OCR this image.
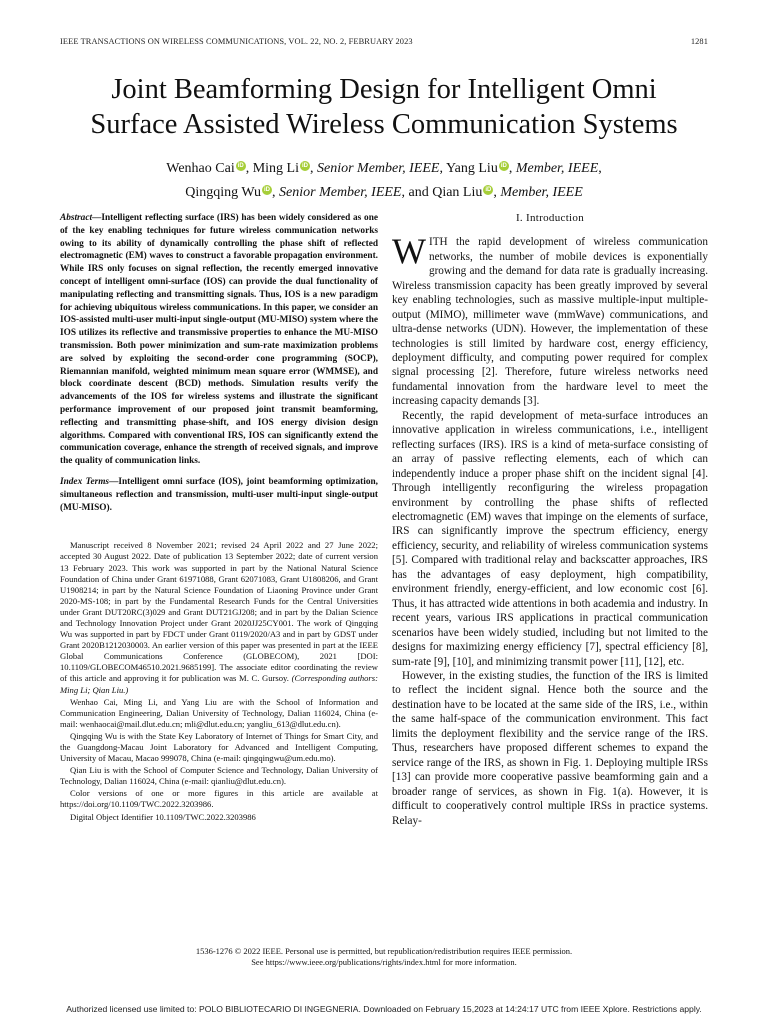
IEEE TRANSACTIONS ON WIRELESS COMMUNICATIONS, VOL. 22, NO. 2, FEBRUARY 2023	1281
Joint Beamforming Design for Intelligent Omni
Surface Assisted Wireless Communication Systems
Wenhao Cai iD , Ming Li iD , Senior Member, IEEE, Yang Liu iD , Member, IEEE,
Qingqing Wu iD , Senior Member, IEEE, and Qian Liu iD , Member, IEEE
Abstract—Intelligent reflecting surface (IRS) has been widely considered as one of the key enabling techniques for future wireless communication networks owing to its ability of dynamically controlling the phase shift of reflected electromagnetic (EM) waves to construct a favorable propagation environment. While IRS only focuses on signal reflection, the recently emerged innovative concept of intelligent omni-surface (IOS) can provide the dual functionality of manipulating reflecting and transmitting signals. Thus, IOS is a new paradigm for achieving ubiquitous wireless communications. In this paper, we consider an IOS-assisted multi-user multi-input single-output (MU-MISO) system where the IOS utilizes its reflective and transmissive properties to enhance the MU-MISO transmission. Both power minimization and sum-rate maximization problems are solved by exploiting the second-order cone programming (SOCP), Riemannian manifold, weighted minimum mean square error (WMMSE), and block coordinate descent (BCD) methods. Simulation results verify the advancements of the IOS for wireless systems and illustrate the significant performance improvement of our proposed joint transmit beamforming, reflecting and transmitting phase-shift, and IOS energy division design algorithms. Compared with conventional IRS, IOS can significantly extend the communication coverage, enhance the strength of received signals, and improve the quality of communication links.
Index Terms—Intelligent omni surface (IOS), joint beamforming optimization, simultaneous reflection and transmission, multi-user multi-input single-output (MU-MISO).

Manuscript received 8 November 2021; revised 24 April 2022 and 27 June 2022; accepted 30 August 2022. Date of publication 13 September 2022; date of current version 13 February 2023. This work was supported in part by the National Natural Science Foundation of China under Grant 61971088, Grant 62071083, Grant U1808206, and Grant U1908214; in part by the Natural Science Foundation of Liaoning Province under Grant 2020-MS-108; in part by the Fundamental Research Funds for the Central Universities under Grant DUT20RC(3)029 and Grant DUT21GJ208; and in part by the Dalian Science and Technology Innovation Project under Grant 2020JJ25CY001. The work of Qingqing Wu was supported in part by FDCT under Grant 0119/2020/A3 and in part by GDST under Grant 2020B1212030003. An earlier version of this paper was presented in part at the IEEE Global Communications Conference (GLOBECOM), 2021 [DOI: 10.1109/GLOBECOM46510.2021.9685199]. The associate editor coordinating the review of this article and approving it for publication was M. C. Gursoy. (Corresponding authors: Ming Li; Qian Liu.)

Wenhao Cai, Ming Li, and Yang Liu are with the School of Information and Communication Engineering, Dalian University of Technology, Dalian 116024, China (e-mail: wenhaocai@mail.dlut.edu.cn; mli@dlut.edu.cn; yangliu_613@dlut.edu.cn).

Qingqing Wu is with the State Key Laboratory of Internet of Things for Smart City, and the Guangdong-Macau Joint Laboratory for Advanced and Intelligent Computing, University of Macau, Macao 999078, China (e-mail: qingqingwu@um.edu.mo).

Qian Liu is with the School of Computer Science and Technology, Dalian University of Technology, Dalian 116024, China (e-mail: qianliu@dlut.edu.cn).

Color versions of one or more figures in this article are available at https://doi.org/10.1109/TWC.2022.3203986.

Digital Object Identifier 10.1109/TWC.2022.3203986

I. Introduction

WITH the rapid development of wireless communication networks, the number of mobile devices is exponentially growing and the demand for data rate is gradually increasing. Wireless transmission capacity has been greatly improved by several key enabling technologies, such as massive multiple-input multiple-output (MIMO), millimeter wave (mmWave) communications, and ultra-dense networks (UDN). However, the implementation of these technologies is still limited by hardware cost, energy efficiency, deployment difficulty, and computing power required for complex signal processing [2]. Therefore, future wireless networks need fundamental innovation from the hardware level to meet the increasing capacity demands [3].

Recently, the rapid development of meta-surface introduces an innovative application in wireless communications, i.e., intelligent reflecting surfaces (IRS). IRS is a kind of meta-surface consisting of an array of passive reflecting elements, each of which can independently induce a proper phase shift on the incident signal [4]. Through intelligently reconfiguring the wireless propagation environment by controlling the phase shifts of reflected electromagnetic (EM) waves that impinge on the elements of surface, IRS can significantly improve the spectrum efficiency, energy efficiency, security, and reliability of wireless communication systems [5]. Compared with traditional relay and backscatter approaches, IRS has the advantages of easy deployment, high compatibility, environment friendly, energy-efficient, and low economic cost [6]. Thus, it has attracted wide attentions in both academia and industry. In recent years, various IRS applications in practical communication scenarios have been widely studied, including but not limited to the designs for maximizing energy efficiency [7], spectral efficiency [8], sum-rate [9], [10], and minimizing transmit power [11], [12], etc.

However, in the existing studies, the function of the IRS is limited to reflect the incident signal. Hence both the source and the destination have to be located at the same side of the IRS, i.e., within the same half-space of the communication environment. This fact limits the deployment flexibility and the service range of the IRS. Thus, researchers have proposed different schemes to expand the service range of the IRS, as shown in Fig. 1. Deploying multiple IRSs [13] can provide more cooperative passive beamforming gain and a broader range of services, as shown in Fig. 1(a). However, it is difficult to cooperatively control multiple IRSs in practice systems. Relay-

1536-1276 © 2022 IEEE. Personal use is permitted, but republication/redistribution requires IEEE permission.
See https://www.ieee.org/publications/rights/index.html for more information.
Authorized licensed use limited to: POLO BIBLIOTECARIO DI INGEGNERIA. Downloaded on February 15,2023 at 14:24:17 UTC from IEEE Xplore. Restrictions apply.
